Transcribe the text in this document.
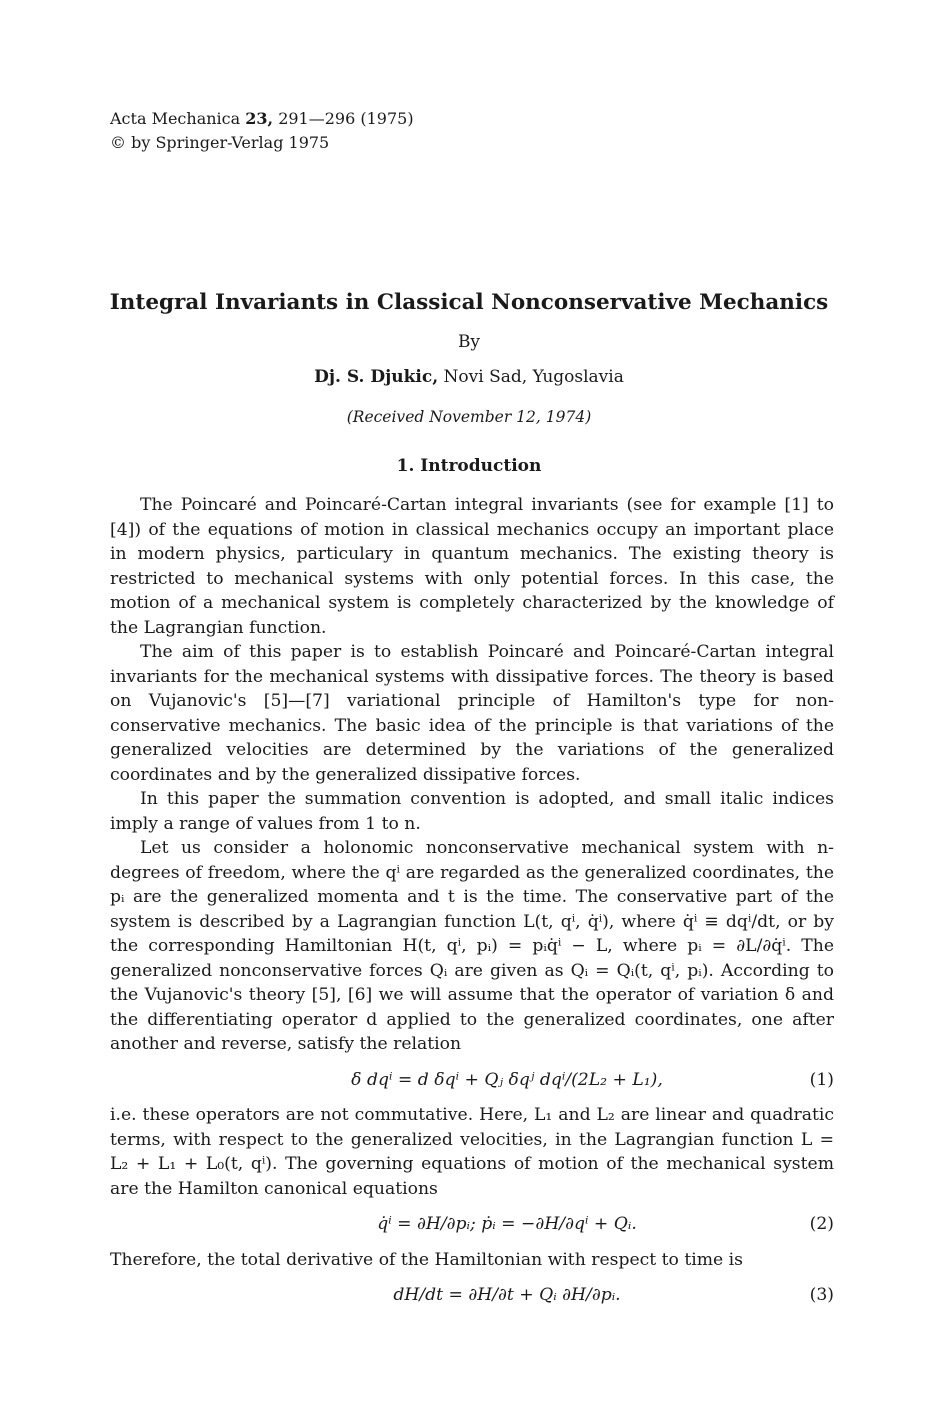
Acta Mechanica 23, 291—296 (1975)
© by Springer-Verlag 1975
Integral Invariants in Classical Nonconservative Mechanics
By
Dj. S. Djukic, Novi Sad, Yugoslavia
(Received November 12, 1974)
1. Introduction

The Poincaré and Poincaré-Cartan integral invariants (see for example [1] to [4]) of the equations of motion in classical mechanics occupy an important place in modern physics, particulary in quantum mechanics. The existing theory is restricted to mechanical systems with only potential forces. In this case, the motion of a mechanical system is completely characterized by the knowledge of the Lagrangian function.

The aim of this paper is to establish Poincaré and Poincaré-Cartan integral invariants for the mechanical systems with dissipative forces. The theory is based on Vujanovic's [5]—[7] variational principle of Hamilton's type for non-conservative mechanics. The basic idea of the principle is that variations of the generalized velocities are determined by the variations of the generalized coordinates and by the generalized dissipative forces.

In this paper the summation convention is adopted, and small italic indices imply a range of values from 1 to n.

Let us consider a holonomic nonconservative mechanical system with n-degrees of freedom, where the qⁱ are regarded as the generalized coordinates, the pᵢ are the generalized momenta and t is the time. The conservative part of the system is described by a Lagrangian function L(t, qⁱ, q̇ⁱ), where q̇ⁱ ≡ dqⁱ/dt, or by the corresponding Hamiltonian H(t, qⁱ, pᵢ) = pᵢq̇ⁱ − L, where pᵢ = ∂L/∂q̇ⁱ. The generalized nonconservative forces Qᵢ are given as Qᵢ = Qᵢ(t, qⁱ, pᵢ). According to the Vujanovic's theory [5], [6] we will assume that the operator of variation δ and the differentiating operator d applied to the generalized coordinates, one after another and reverse, satisfy the relation

δ dqⁱ = d δqⁱ + Qⱼ δqʲ dqⁱ/(2L₂ + L₁),	(1)

i.e. these operators are not commutative. Here, L₁ and L₂ are linear and quadratic terms, with respect to the generalized velocities, in the Lagrangian function L = L₂ + L₁ + L₀(t, qⁱ). The governing equations of motion of the mechanical system are the Hamilton canonical equations

q̇ⁱ = ∂H/∂pᵢ; ṗᵢ = −∂H/∂qⁱ + Qᵢ.	(2)

Therefore, the total derivative of the Hamiltonian with respect to time is

dH/dt = ∂H/∂t + Qᵢ ∂H/∂pᵢ.	(3)
